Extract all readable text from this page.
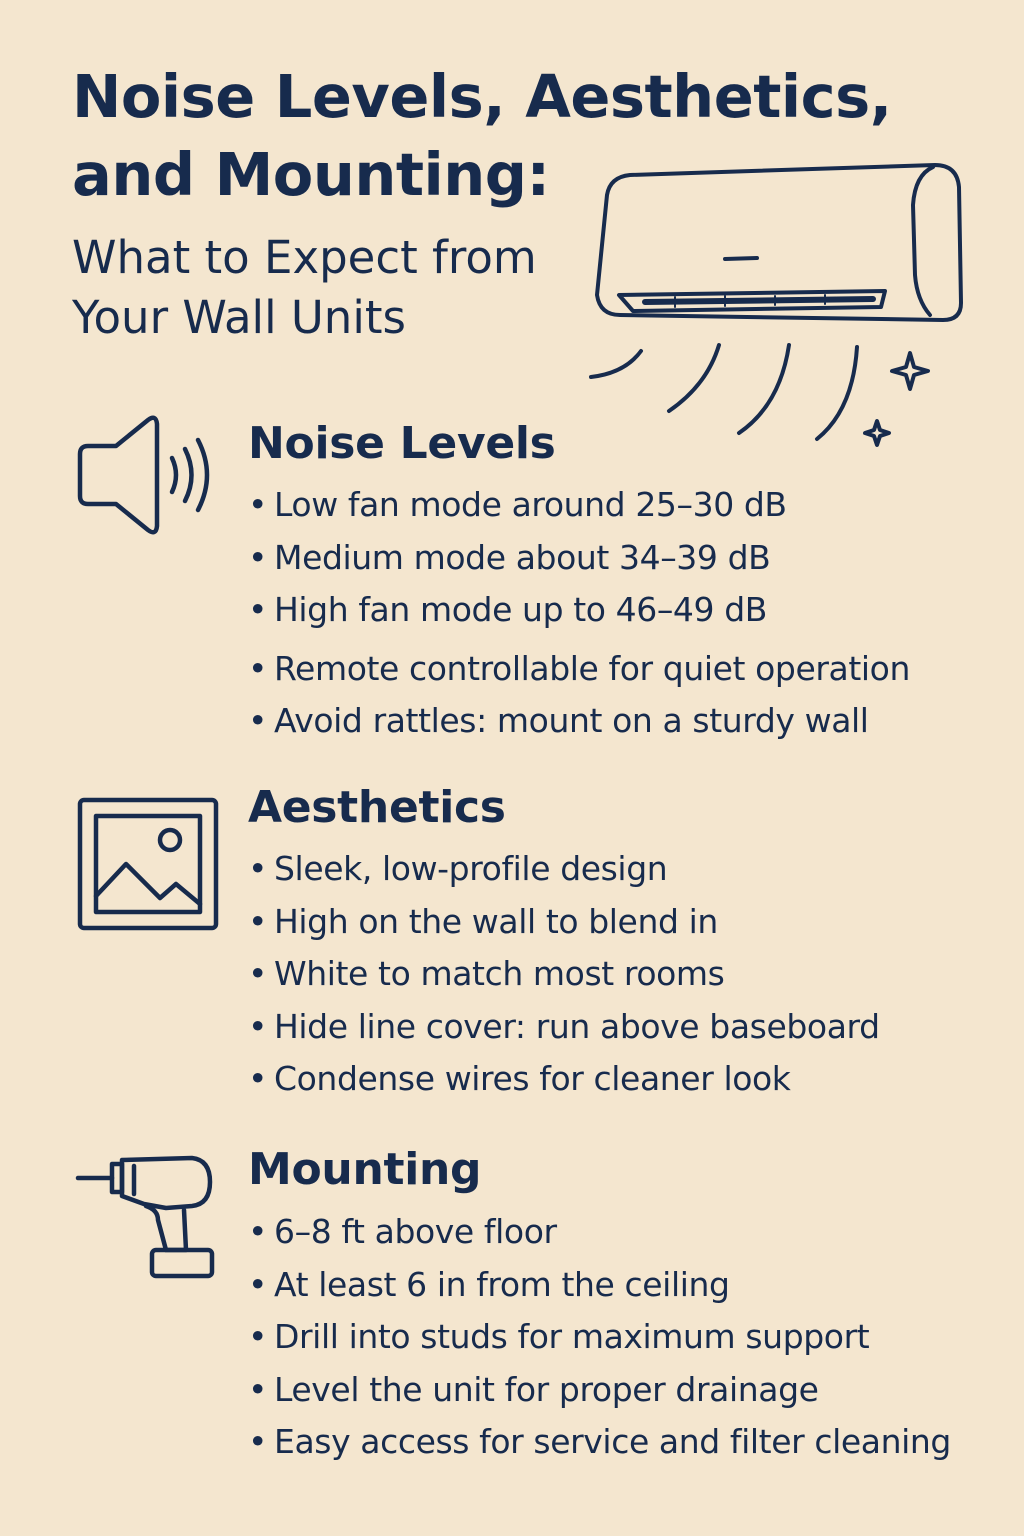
Noise Levels, Aesthetics, and Mounting:

What to Expect from Your Wall Units

Noise Levels
• Low fan mode around 25–30 dB
• Medium mode about 34–39 dB
• High fan mode up to 46–49 dB
• Remote controllable for quiet operation
• Avoid rattles: mount on a sturdy wall
Aesthetics
• Sleek, low-profile design
• High on the wall to blend in
• White to match most rooms
• Hide line cover: run above baseboard
• Condense wires for cleaner look
Mounting
• 6–8 ft above floor
• At least 6 in from the ceiling
• Drill into studs for maximum support
• Level the unit for proper drainage
• Easy access for service and filter cleaning
